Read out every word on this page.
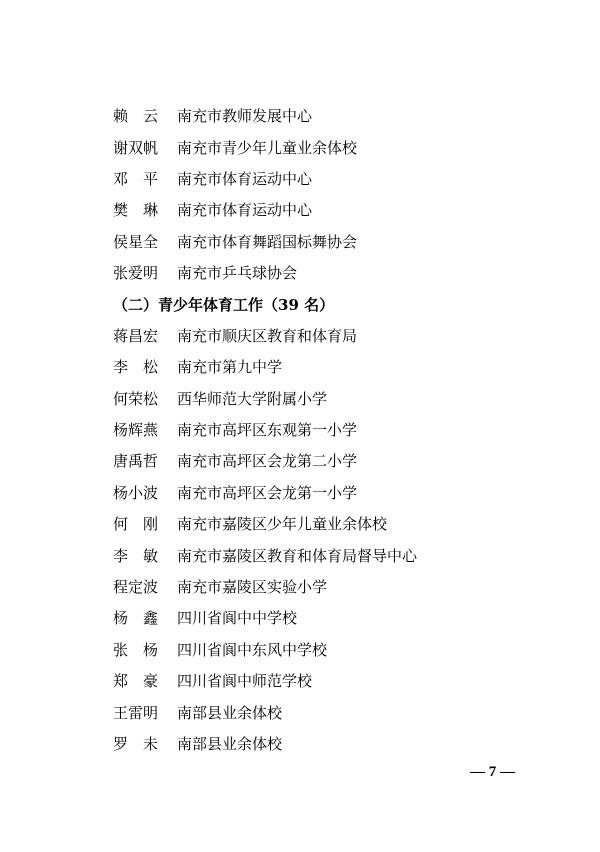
赖　云	南充市教师发展中心
谢双帆	南充市青少年儿童业余体校
邓　平	南充市体育运动中心
樊　琳	南充市体育运动中心
侯星全	南充市体育舞蹈国标舞协会
张爱明	南充市乒乓球协会
（二）青少年体育工作（39 名）
蒋昌宏	南充市顺庆区教育和体育局
李　松	南充市第九中学
何荣松	西华师范大学附属小学
杨辉燕	南充市高坪区东观第一小学
唐禹哲	南充市高坪区会龙第二小学
杨小波	南充市高坪区会龙第一小学
何　刚	南充市嘉陵区少年儿童业余体校
李　敏	南充市嘉陵区教育和体育局督导中心
程定波	南充市嘉陵区实验小学
杨　鑫	四川省阆中中学校
张　杨	四川省阆中东风中学校
郑　豪	四川省阆中师范学校
王雷明	南部县业余体校
罗　未	南部县业余体校
— 7 —
